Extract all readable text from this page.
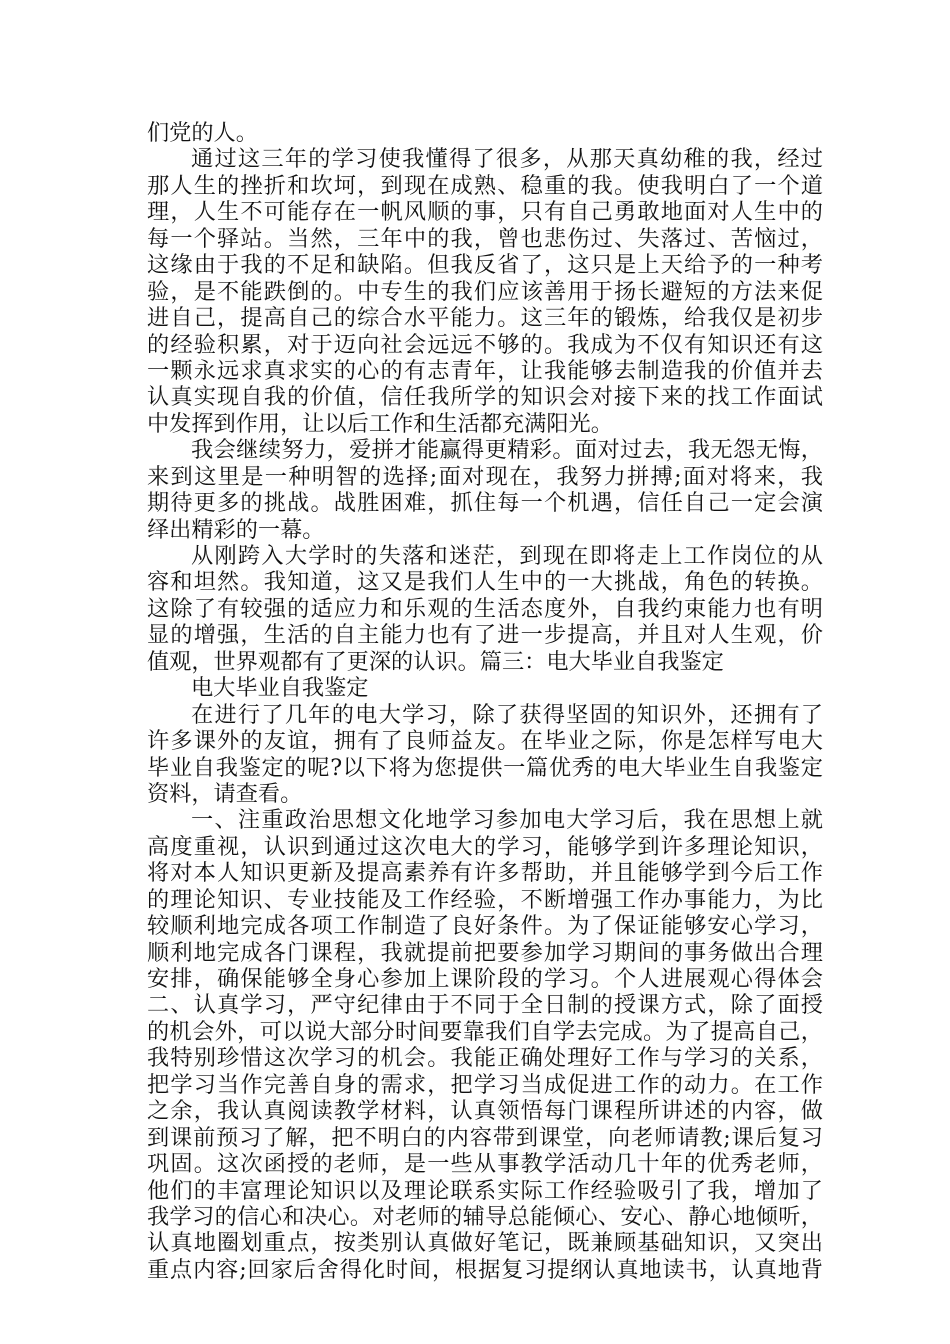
们党的人。
通过这三年的学习使我懂得了很多，从那天真幼稚的我，经过
那人生的挫折和坎坷，到现在成熟、稳重的我。使我明白了一个道
理，人生不可能存在一帆风顺的事，只有自己勇敢地面对人生中的
每一个驿站。当然，三年中的我，曾也悲伤过、失落过、苦恼过，
这缘由于我的不足和缺陷。但我反省了，这只是上天给予的一种考
验，是不能跌倒的。中专生的我们应该善用于扬长避短的方法来促
进自己，提高自己的综合水平能力。这三年的锻炼，给我仅是初步
的经验积累，对于迈向社会远远不够的。我成为不仅有知识还有这
一颗永远求真求实的心的有志青年，让我能够去制造我的价值并去
认真实现自我的价值，信任我所学的知识会对接下来的找工作面试
中发挥到作用，让以后工作和生活都充满阳光。
我会继续努力，爱拼才能赢得更精彩。面对过去，我无怨无悔，
来到这里是一种明智的选择;面对现在，我努力拼搏;面对将来，我
期待更多的挑战。战胜困难，抓住每一个机遇，信任自己一定会演
绎出精彩的一幕。
从刚跨入大学时的失落和迷茫，到现在即将走上工作岗位的从
容和坦然。我知道，这又是我们人生中的一大挑战，角色的转换。
这除了有较强的适应力和乐观的生活态度外，自我约束能力也有明
显的增强，生活的自主能力也有了进一步提高，并且对人生观，价
值观，世界观都有了更深的认识。篇三：电大毕业自我鉴定
电大毕业自我鉴定
在进行了几年的电大学习，除了获得坚固的知识外，还拥有了
许多课外的友谊，拥有了良师益友。在毕业之际，你是怎样写电大
毕业自我鉴定的呢?以下将为您提供一篇优秀的电大毕业生自我鉴定
资料，请查看。
一、注重政治思想文化地学习参加电大学习后，我在思想上就
高度重视，认识到通过这次电大的学习，能够学到许多理论知识，
将对本人知识更新及提高素养有许多帮助，并且能够学到今后工作
的理论知识、专业技能及工作经验，不断增强工作办事能力，为比
较顺利地完成各项工作制造了良好条件。为了保证能够安心学习，
顺利地完成各门课程，我就提前把要参加学习期间的事务做出合理
安排，确保能够全身心参加上课阶段的学习。个人进展观心得体会
二、认真学习，严守纪律由于不同于全日制的授课方式，除了面授
的机会外，可以说大部分时间要靠我们自学去完成。为了提高自己，
我特别珍惜这次学习的机会。我能正确处理好工作与学习的关系，
把学习当作完善自身的需求，把学习当成促进工作的动力。在工作
之余，我认真阅读教学材料，认真领悟每门课程所讲述的内容，做
到课前预习了解，把不明白的内容带到课堂，向老师请教;课后复习
巩固。这次函授的老师，是一些从事教学活动几十年的优秀老师，
他们的丰富理论知识以及理论联系实际工作经验吸引了我，增加了
我学习的信心和决心。对老师的辅导总能倾心、安心、静心地倾听，
认真地圈划重点，按类别认真做好笔记，既兼顾基础知识，又突出
重点内容;回家后舍得化时间，根据复习提纲认真地读书，认真地背
